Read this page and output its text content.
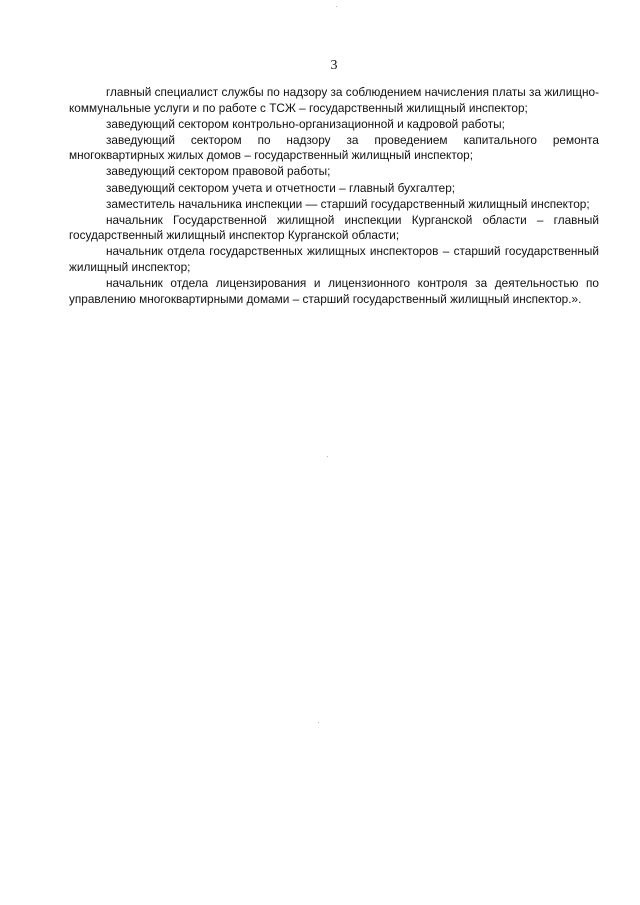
3

главный специалист службы по надзору за соблюдением начисления платы за жилищно-коммунальные услуги и по работе с ТСЖ – государственный жилищный инспектор;

заведующий сектором контрольно-организационной и кадровой работы;

заведующий сектором по надзору за проведением капитального ремонта многоквартирных жилых домов – государственный жилищный инспектор;

заведующий сектором правовой работы;

заведующий сектором учета и отчетности – главный бухгалтер;

заместитель начальника инспекции — старший государственный жилищный инспектор;

начальник Государственной жилищной инспекции Курганской области – главный государственный жилищный инспектор Курганской области;

начальник отдела государственных жилищных инспекторов – старший государственный жилищный инспектор;

начальник отдела лицензирования и лицензионного контроля за деятельностью по управлению многоквартирными домами – старший государственный жилищный инспектор.».
